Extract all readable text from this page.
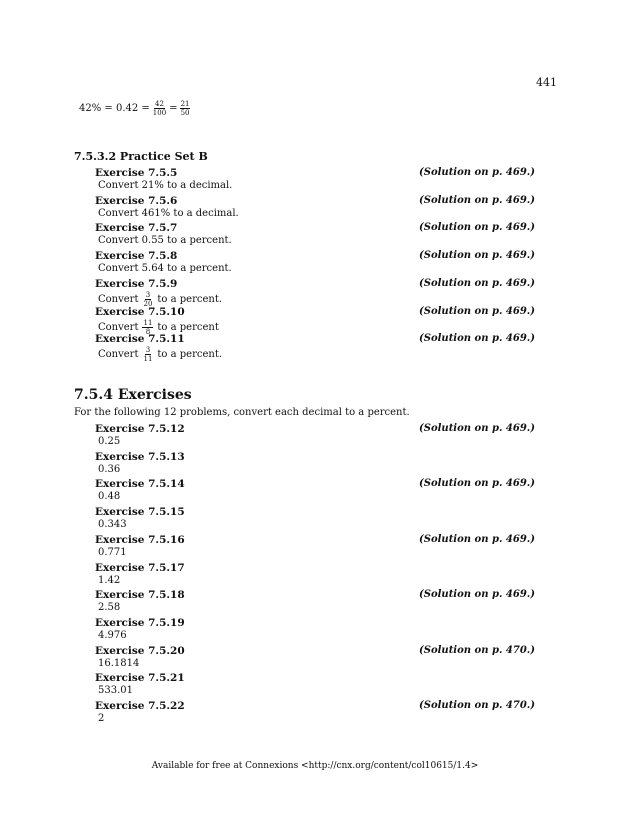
441
$42\% = 0.42 = \frac{42}{100} = \frac{21}{50}$
7.5.3.2 Practice Set B
Exercise 7.5.5	(Solution on p. 469.)
Convert 21% to a decimal.
Exercise 7.5.6	(Solution on p. 469.)
Convert 461% to a decimal.
Exercise 7.5.7	(Solution on p. 469.)
Convert 0.55 to a percent.
Exercise 7.5.8	(Solution on p. 469.)
Convert 5.64 to a percent.
Exercise 7.5.9	(Solution on p. 469.)
Convert $\frac{3}{20}$ to a percent.
Exercise 7.5.10	(Solution on p. 469.)
Convert $\frac{11}{8}$ to a percent
Exercise 7.5.11	(Solution on p. 469.)
Convert $\frac{3}{11}$ to a percent.
7.5.4 Exercises
For the following 12 problems, convert each decimal to a percent.
Exercise 7.5.12	(Solution on p. 469.)
0.25
Exercise 7.5.13
0.36
Exercise 7.5.14	(Solution on p. 469.)
0.48
Exercise 7.5.15
0.343
Exercise 7.5.16	(Solution on p. 469.)
0.771
Exercise 7.5.17
1.42
Exercise 7.5.18	(Solution on p. 469.)
2.58
Exercise 7.5.19
4.976
Exercise 7.5.20	(Solution on p. 470.)
16.1814
Exercise 7.5.21
533.01
Exercise 7.5.22	(Solution on p. 470.)
2
Available for free at Connexions <http://cnx.org/content/col10615/1.4>
